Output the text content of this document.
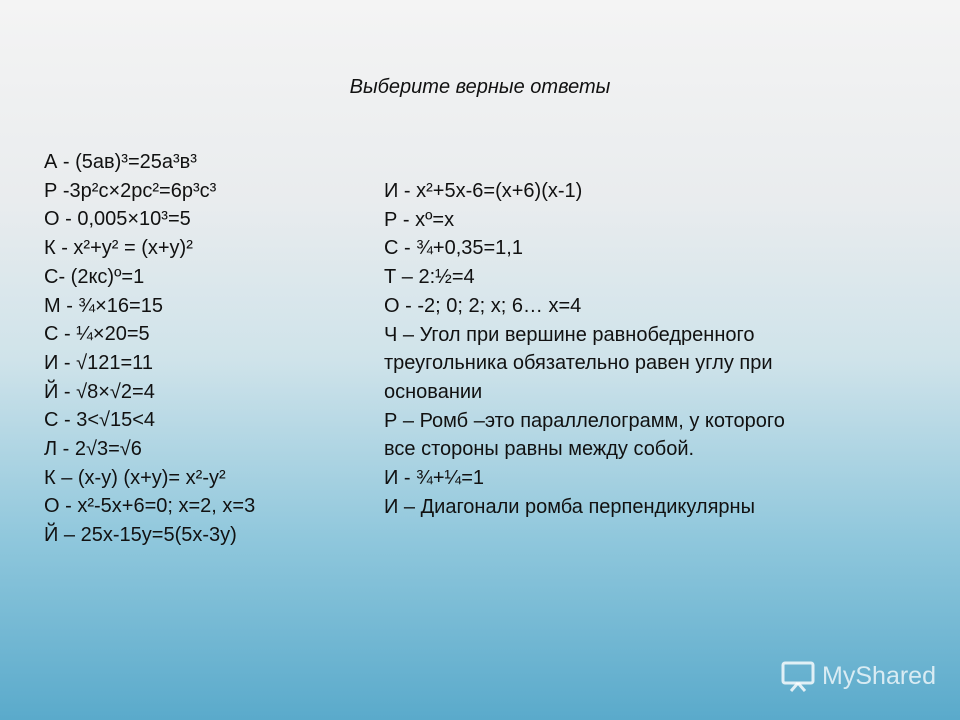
Выберите верные ответы
А - (5ав)³=25а³в³
Р -3р²с×2рс²=6р³с³
О - 0,005×10³=5
К - х²+у² = (х+у)²
С- (2кс)º=1
М - ¾×16=15
С - ¼×20=5
И - √121=11
Й - √8×√2=4
С - 3<√15<4
Л - 2√3=√6
К – (х-у) (х+у)= х²-у²
О - х²-5х+6=0; х=2, х=3
Й – 25х-15у=5(5х-3у)
И - х²+5х-6=(х+6)(х-1)
Р - хº=х
С - ¾+0,35=1,1
Т – 2:½=4
О - -2; 0; 2; х; 6… х=4
Ч – Угол при вершине равнобедренного
треугольника обязательно равен углу при
основании
Р – Ромб –это параллелограмм, у которого
все стороны равны между собой.
И - ¾+¼=1
И – Диагонали ромба перпендикулярны
MyShared
